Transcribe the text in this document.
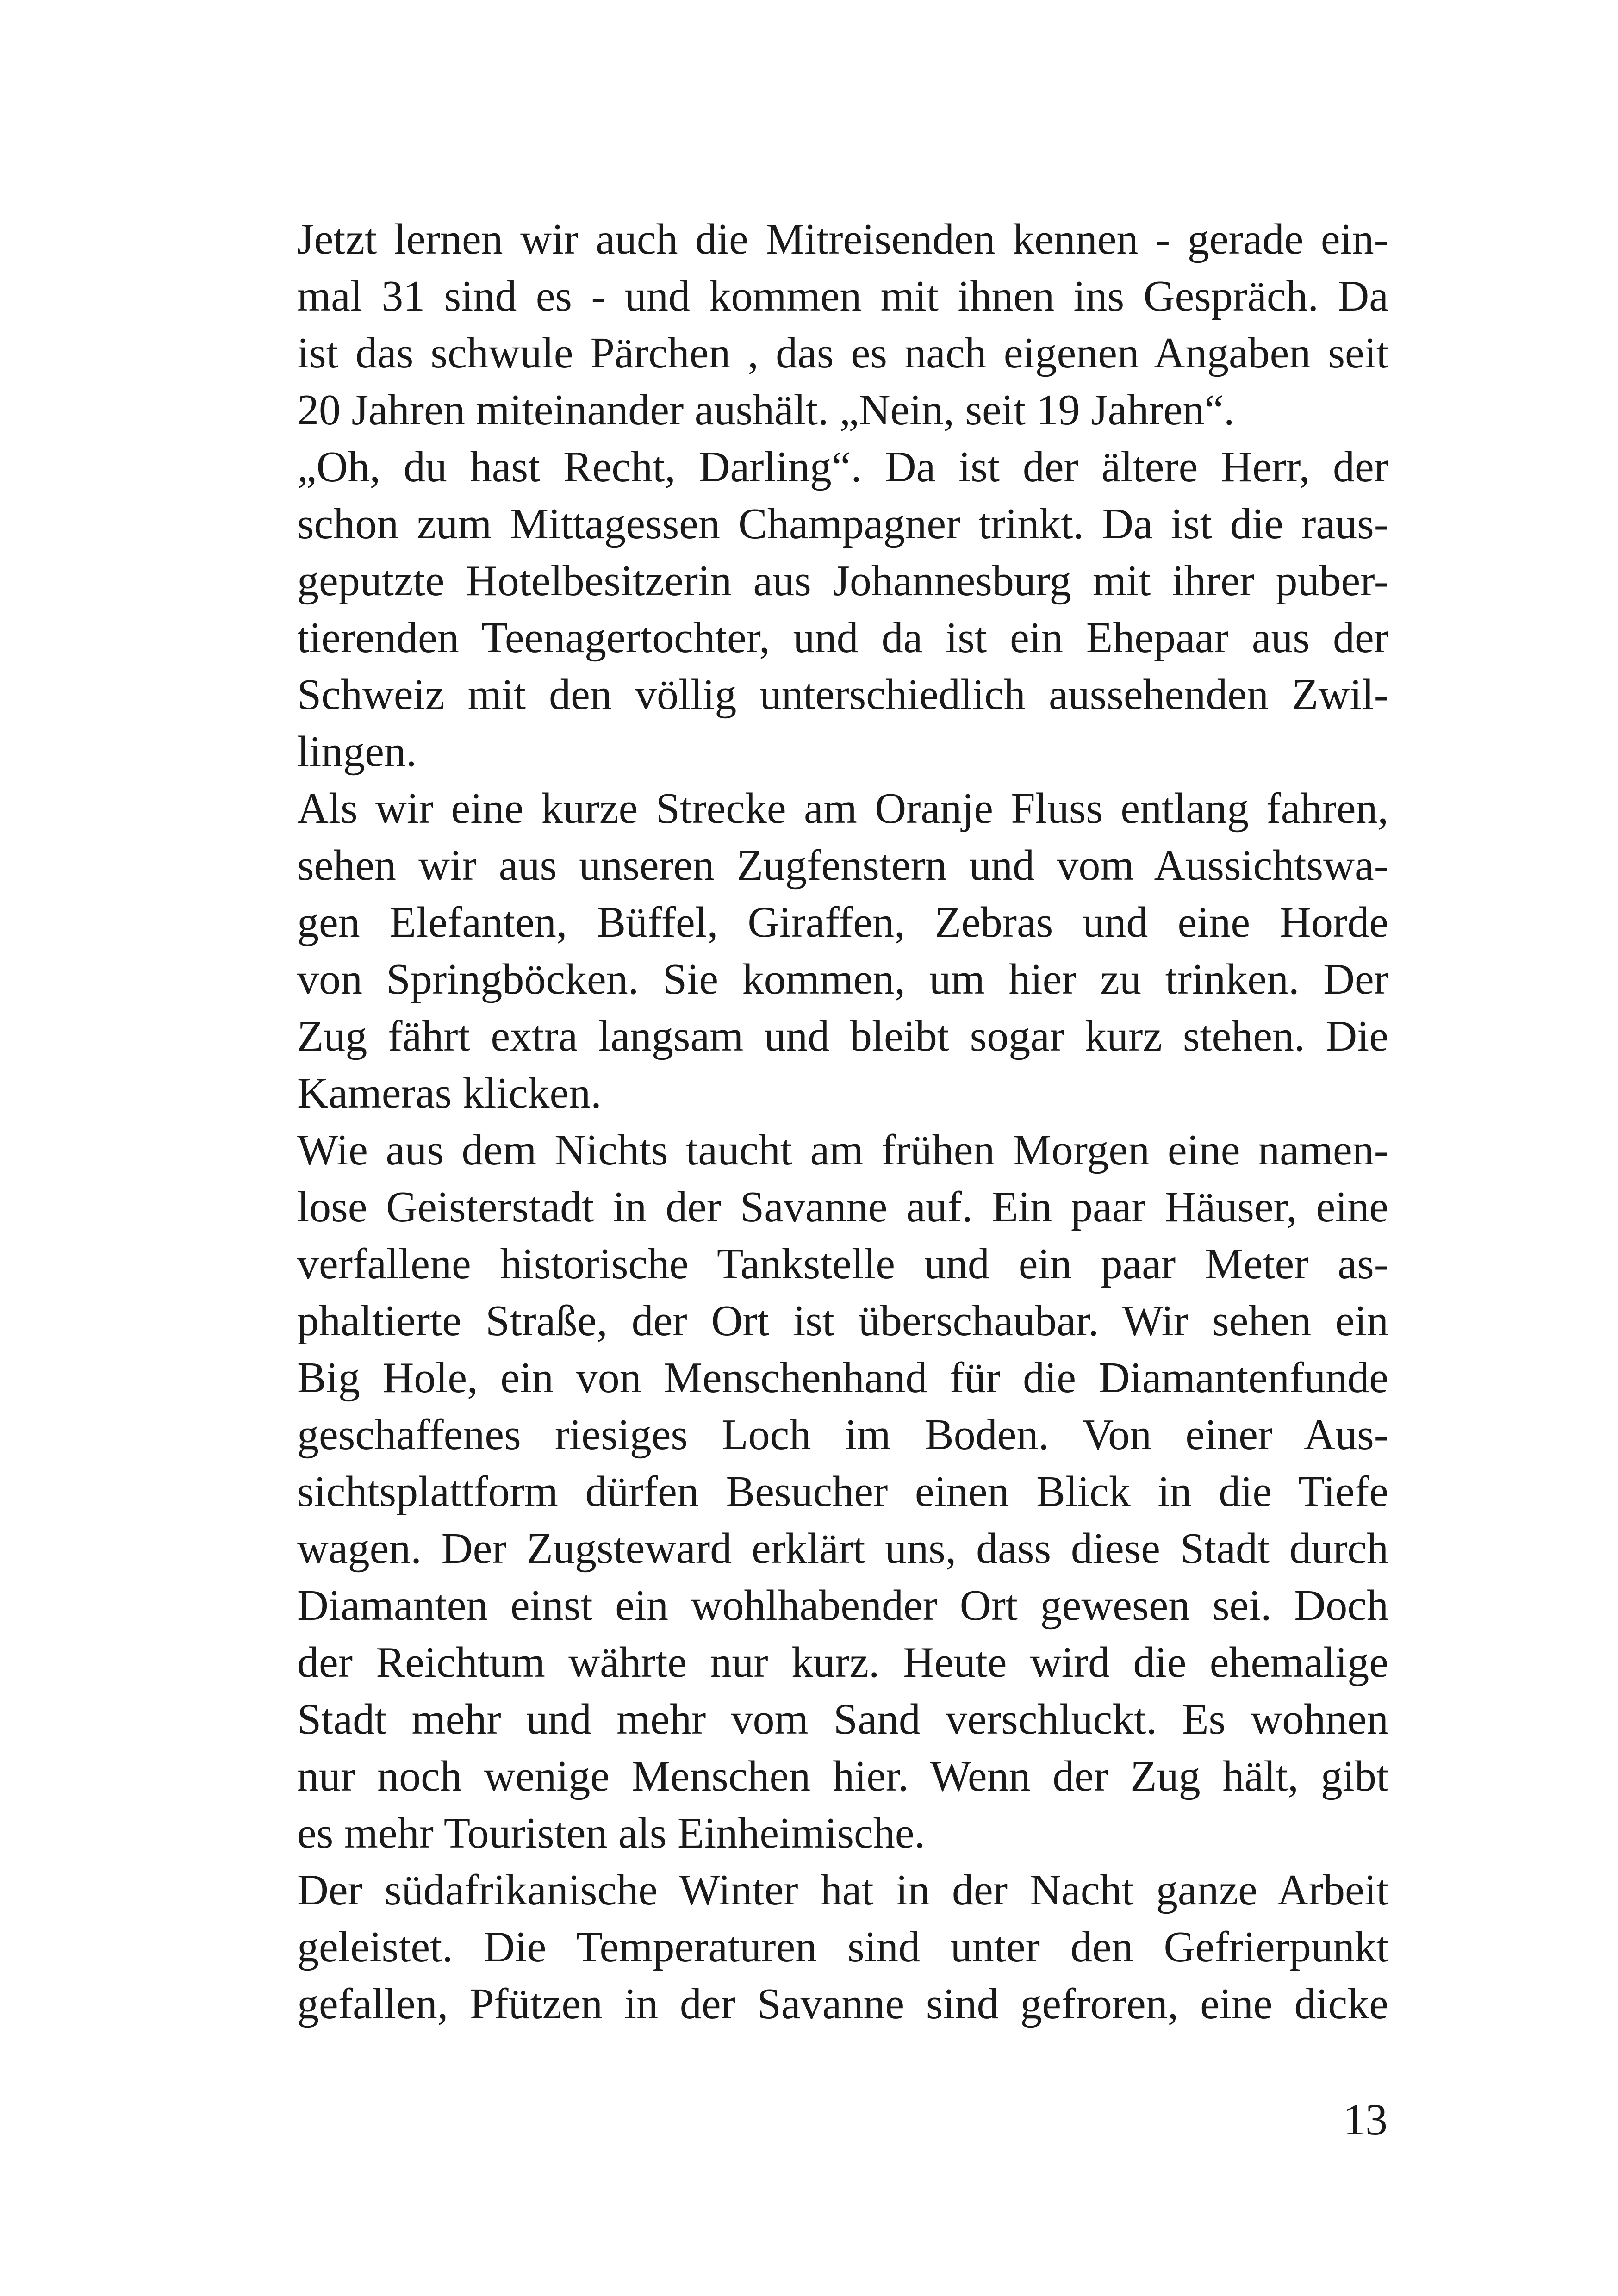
Jetzt lernen wir auch die Mitreisenden kennen - gerade ein-
mal 31 sind es - und kommen mit ihnen ins Gespräch. Da
ist das schwule Pärchen , das es nach eigenen Angaben seit
20 Jahren miteinander aushält. „Nein, seit 19 Jahren“.
„Oh, du hast Recht, Darling“. Da ist der ältere Herr, der
schon zum Mittagessen Champagner trinkt. Da ist die raus-
geputzte Hotelbesitzerin aus Johannesburg mit ihrer puber-
tierenden Teenagertochter, und da ist ein Ehepaar aus der
Schweiz mit den völlig unterschiedlich aussehenden Zwil-
lingen.
Als wir eine kurze Strecke am Oranje Fluss entlang fahren,
sehen wir aus unseren Zugfenstern und vom Aussichtswa-
gen Elefanten, Büffel, Giraffen, Zebras und eine Horde
von Springböcken. Sie kommen, um hier zu trinken. Der
Zug fährt extra langsam und bleibt sogar kurz stehen. Die
Kameras klicken.
Wie aus dem Nichts taucht am frühen Morgen eine namen-
lose Geisterstadt in der Savanne auf. Ein paar Häuser, eine
verfallene historische Tankstelle und ein paar Meter as-
phaltierte Straße, der Ort ist überschaubar. Wir sehen ein
Big Hole, ein von Menschenhand für die Diamantenfunde
geschaffenes riesiges Loch im Boden. Von einer Aus-
sichtsplattform dürfen Besucher einen Blick in die Tiefe
wagen. Der Zugsteward erklärt uns, dass diese Stadt durch
Diamanten einst ein wohlhabender Ort gewesen sei. Doch
der Reichtum währte nur kurz. Heute wird die ehemalige
Stadt mehr und mehr vom Sand verschluckt. Es wohnen
nur noch wenige Menschen hier. Wenn der Zug hält, gibt
es mehr Touristen als Einheimische.
Der südafrikanische Winter hat in der Nacht ganze Arbeit
geleistet. Die Temperaturen sind unter den Gefrierpunkt
gefallen, Pfützen in der Savanne sind gefroren, eine dicke
13
